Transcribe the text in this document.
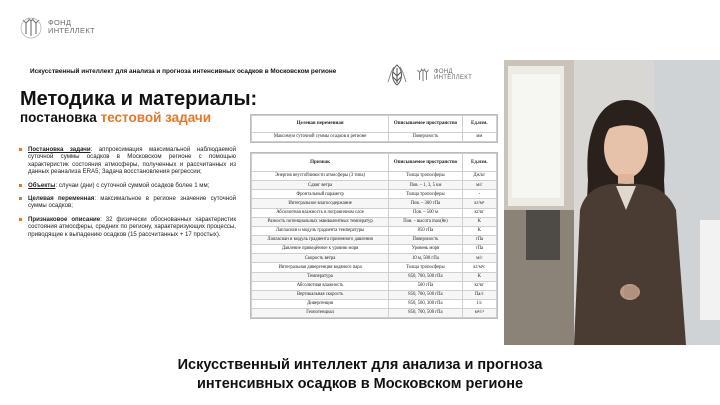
ФОНД
ИНТЕЛЛЕКТ
Искусственный интеллект для анализа и прогноза интенсивных осадков в Московском регионе	ФОНД
ИНТЕЛЛЕКТ
Методика и материалы:
постановка тестовой задачи
Постановка задачи: аппроксимация максимальной наблюдаемой суточной суммы осадков в Московском регионе с помощью характеристик состояния атмосферы, полученных и рассчитанных из данных реанализа ERA5; Задача восстановления регрессии;
Объекты: случаи (дни) с суточной суммой осадков более 1 мм;
Целевая переменная: максимальное в регионе значение суточной суммы осадков;
Признаковое описание: 32 физически обоснованных характеристик состояния атмосферы, средних по региону, характеризующих процессы, приводящие к выпадению осадков (15 рассчитанных + 17 простых).
Целевая переменная	Описываемое пространство	Ед.изм.
Максимум суточной суммы осадков в регионе	Поверхность	мм
Признак	Описываемое пространство	Ед.изм.
Энергия неустойчивости атмосферы (3 типа)	Толща тропосферы	Дж/кг
Сдвиг ветра	Пов. – 1, 3, 5 км	м/с
Фронтальный параметр	Толща тропосферы	-
Интегральное влагосодержание	Пов. – 300 гПа	кг/м²
Абсолютная влажность в пограничном слое	Пов. – 500 м	кг/кг
Разность потенциальных эквивалентных температур	Пов. – высота max(θe)	K
Лапласиан и модуль градиента температуры	850 гПа	K
Лапласиан и модуль градиента приземного давления	Поверхность	гПа
Давление приведённое к уровню моря	Уровень моря	гПа
Скорость ветра	10 м, 500 гПа	м/с
Интегральная дивергенция водяного пара	Толща тропосферы	кг/м²с
Температура	850, 700, 500 гПа	K
Абсолютная влажность	500 гПа	кг/кг
Вертикальная скорость	850, 700, 500 гПа	Па/с
Дивергенция	850, 500, 300 гПа	1/с
Геопотенциал	850, 700, 500 гПа	м²/с²
Искусственный интеллект для анализа и прогноза
интенсивных осадков в Московском регионе
